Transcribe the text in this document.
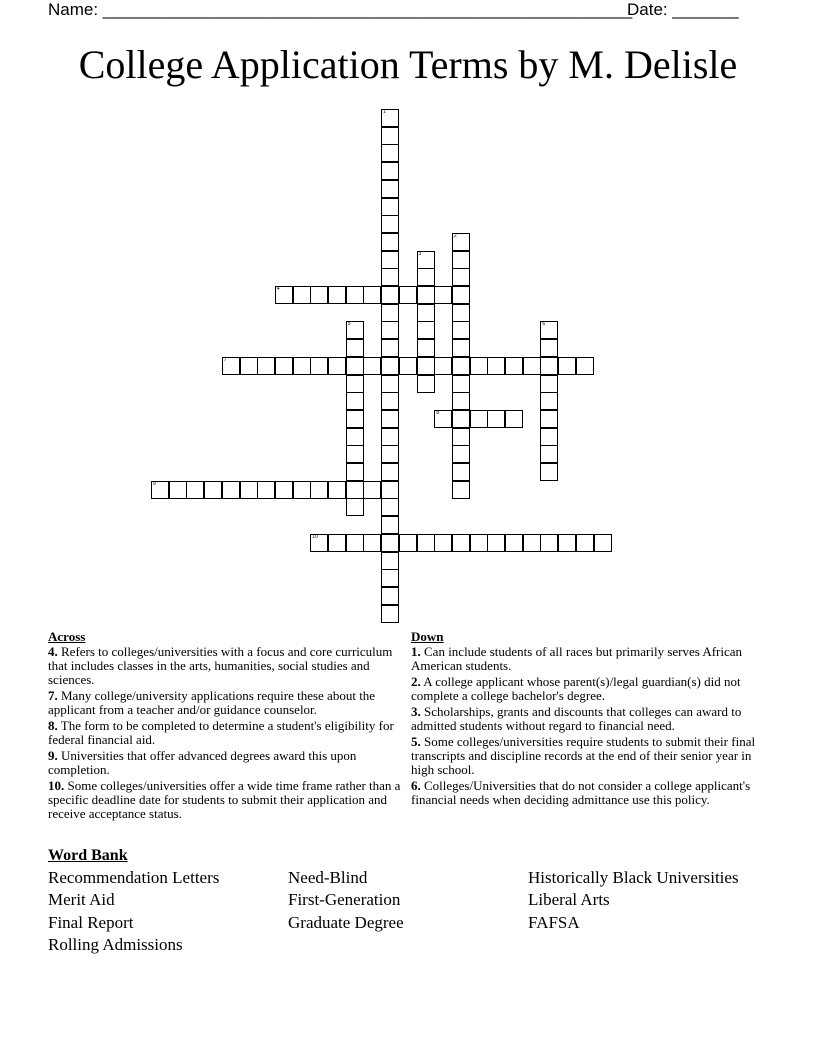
Name: ________________________________________________________
Date: _______
College Application Terms by M. Delisle
1
2
3
4
5	6
7
8
9
10
Across
4. Refers to colleges/universities with a focus and core curriculum that includes classes in the arts, humanities, social studies and sciences.
7. Many college/university applications require these about the applicant from a teacher and/or guidance counselor.
8. The form to be completed to determine a student's eligibility for federal financial aid.
9. Universities that offer advanced degrees award this upon completion.
10. Some colleges/universities offer a wide time frame rather than a specific deadline date for students to submit their application and receive acceptance status.
Down
1. Can include students of all races but primarily serves African American students.
2. A college applicant whose parent(s)/legal guardian(s) did not complete a college bachelor's degree.
3. Scholarships, grants and discounts that colleges can award to admitted students without regard to financial need.
5. Some colleges/universities require students to submit their final transcripts and discipline records at the end of their senior year in high school.
6. Colleges/Universities that do not consider a college applicant's financial needs when deciding admittance use this policy.
Word Bank
Recommendation Letters
Merit Aid
Final Report
Rolling Admissions
Need-Blind
First-Generation
Graduate Degree
Historically Black Universities
Liberal Arts
FAFSA
